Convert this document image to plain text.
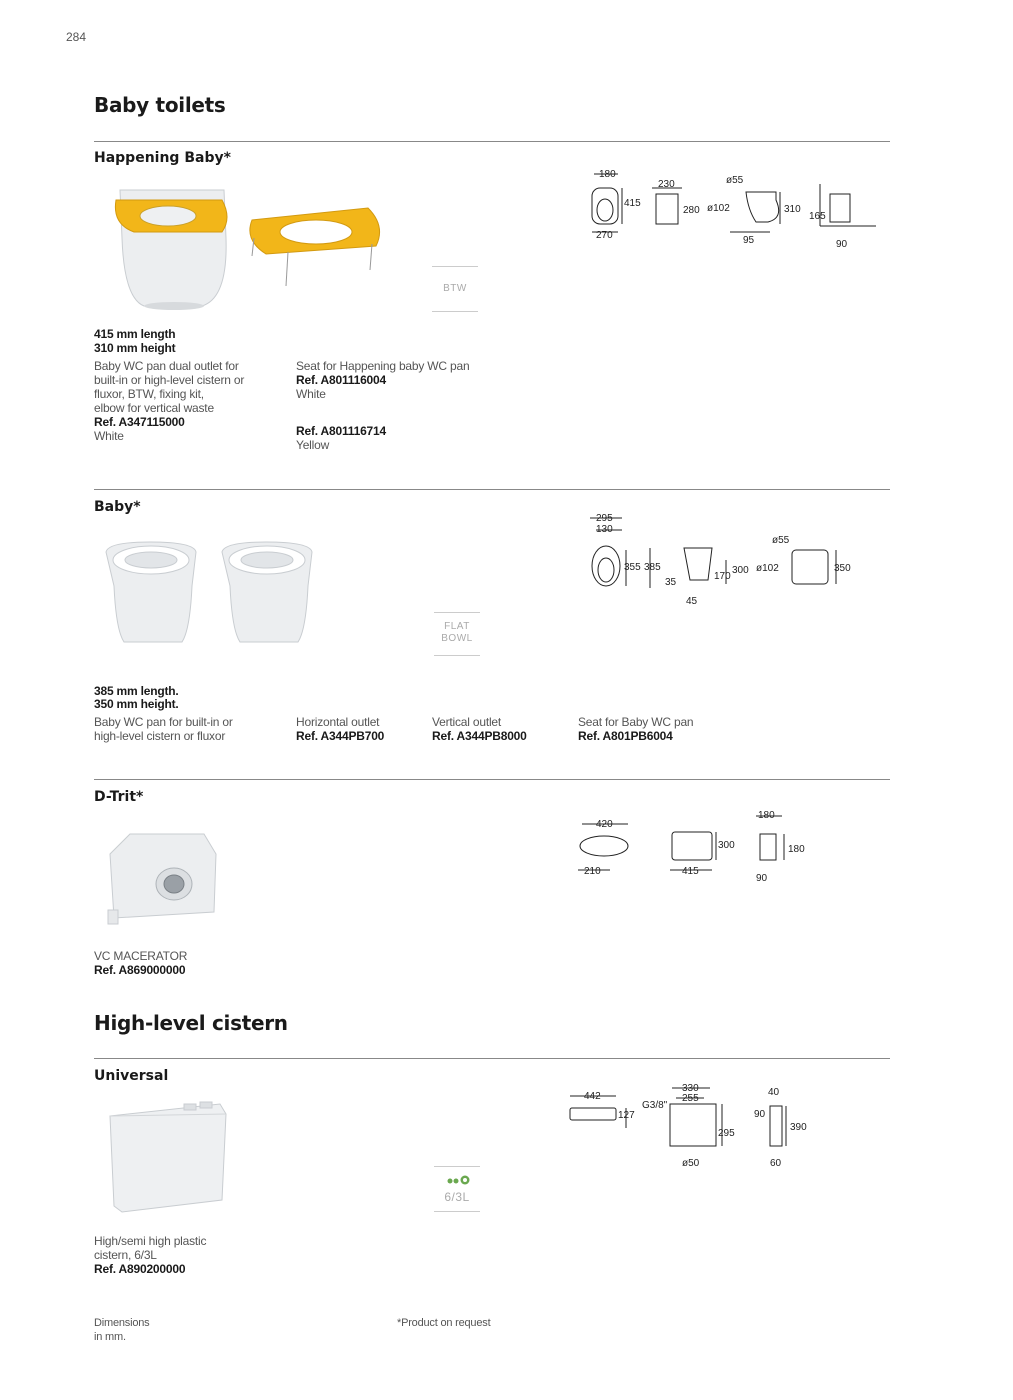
284
Baby toilets
Happening Baby*
BTW
180
415
270
230
280
ø55
ø102	310
95
165
90
415 mm length
310 mm height
Baby WC pan dual outlet for
built-in or high-level cistern or
fluxor, BTW, fixing kit,
elbow for vertical waste
Ref. A347115000
White
Seat for Happening baby WC pan
Ref. A801116004
White
Ref. A801116714
Yellow
Baby*
FLAT
BOWL
295
130
355 385
35
45
170
300
ø55
ø102	350
385 mm length.
350 mm height.
Baby WC pan for built-in or
high-level cistern or fluxor
Horizontal outlet
Ref. A344PB700
Vertical outlet
Ref. A344PB8000
Seat for Baby WC pan
Ref. A801PB6004
D-Trit*
420
210
300
415
180
180
90
VC MACERATOR
Ref. A869000000
High-level cistern
Universal
6/3L
442
127
330
255
G3/8"
295
ø50
40
90
390
60
High/semi high plastic
cistern, 6/3L
Ref. A890200000
Dimensions
in mm.
*Product on request
